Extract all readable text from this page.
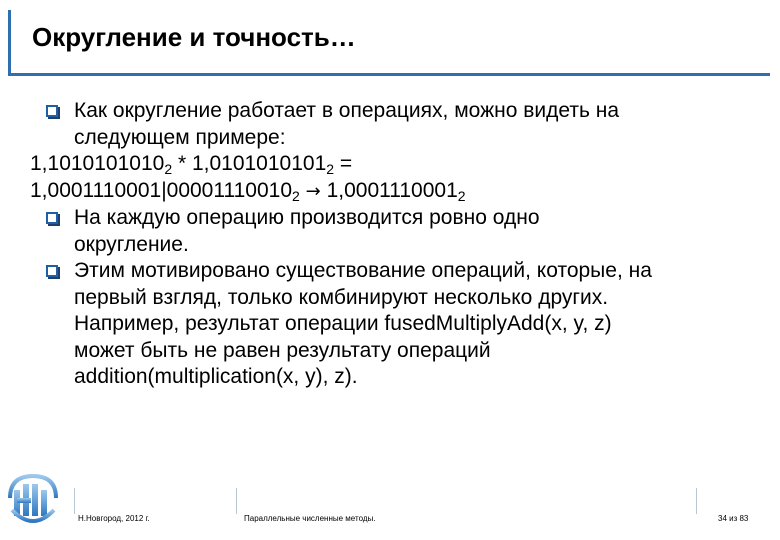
Округление и точность…
Как округление работает в операциях, можно видеть на
следующем примере:
$1,1010101010_2 * 1,0101010101_2$ =
$1,0001110001|00001110010_2 \to 1,0001110001_2$
На каждую операцию производится ровно одно
округление.
Этим мотивировано существование операций, которые, на
первый взгляд, только комбинируют несколько других.
Например, результат операции fusedMultiplyAdd(x, y, z)
может быть не равен результату операций
addition(multiplication(x, y), z).
Н.Новгород, 2012 г.	Параллельные численные методы.	34 из 83
